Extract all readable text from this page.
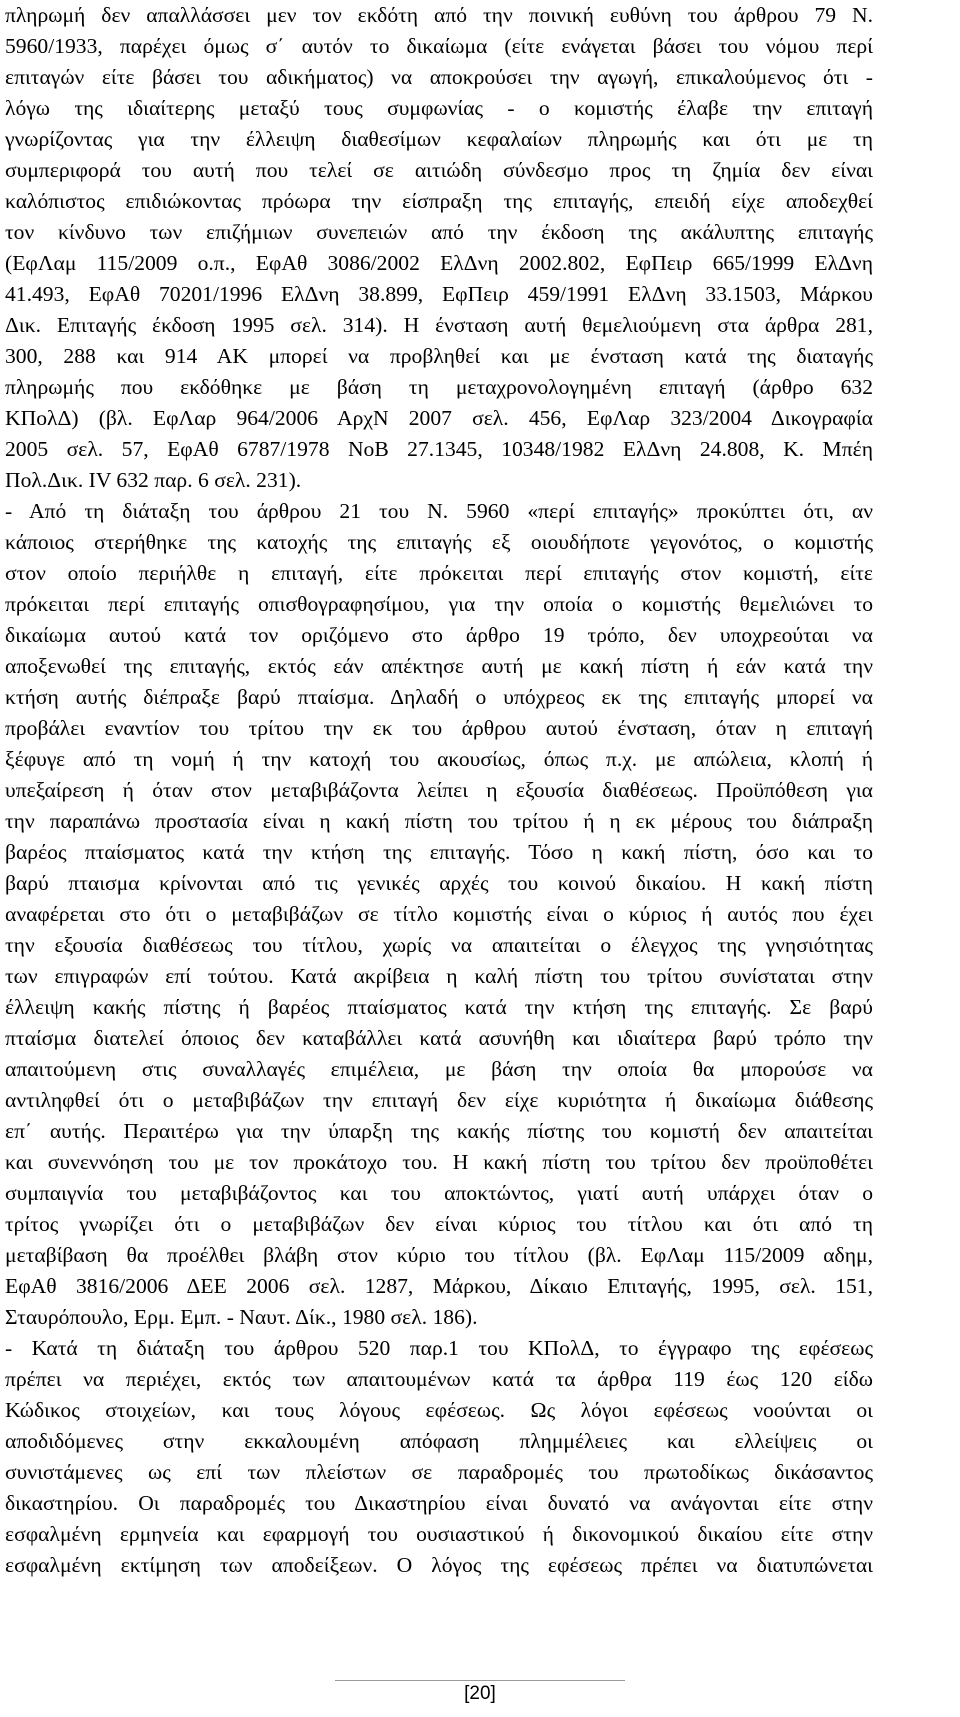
πληρωμή δεν απαλλάσσει μεν τον εκδότη από την ποινική ευθύνη του άρθρου 79 Ν.
5960/1933, παρέχει όμως σ΄ αυτόν το δικαίωμα (είτε ενάγεται βάσει του νόμου περί
επιταγών είτε βάσει του αδικήματος) να αποκρούσει την αγωγή, επικαλούμενος ότι -
λόγω της ιδιαίτερης μεταξύ τους συμφωνίας - ο κομιστής έλαβε την επιταγή
γνωρίζοντας για την έλλειψη διαθεσίμων κεφαλαίων πληρωμής και ότι με τη
συμπεριφορά του αυτή που τελεί σε αιτιώδη σύνδεσμο προς τη ζημία δεν είναι
καλόπιστος επιδιώκοντας πρόωρα την είσπραξη της επιταγής, επειδή είχε αποδεχθεί
τον κίνδυνο των επιζήμιων συνεπειών από την έκδοση της ακάλυπτης επιταγής
(ΕφΛαμ 115/2009 ο.π., ΕφΑθ 3086/2002 ΕλΔνη 2002.802, ΕφΠειρ 665/1999 ΕλΔνη
41.493, ΕφΑθ 70201/1996 ΕλΔνη 38.899, ΕφΠειρ 459/1991 ΕλΔνη 33.1503, Μάρκου
Δικ. Επιταγής έκδοση 1995 σελ. 314). Η ένσταση αυτή θεμελιούμενη στα άρθρα 281,
300, 288 και 914 ΑΚ μπορεί να προβληθεί και με ένσταση κατά της διαταγής
πληρωμής που εκδόθηκε με βάση τη μεταχρονολογημένη επιταγή (άρθρο 632
ΚΠολΔ) (βλ. ΕφΛαρ 964/2006 ΑρχΝ 2007 σελ. 456, ΕφΛαρ 323/2004 Δικογραφία
2005 σελ. 57, ΕφΑθ 6787/1978 ΝοΒ 27.1345, 10348/1982 ΕλΔνη 24.808, Κ. Μπέη
Πολ.Δικ. IV 632 παρ. 6 σελ. 231).
- Από τη διάταξη του άρθρου 21 του Ν. 5960 «περί επιταγής» προκύπτει ότι, αν
κάποιος στερήθηκε της κατοχής της επιταγής εξ οιουδήποτε γεγονότος, ο κομιστής
στον οποίο περιήλθε η επιταγή, είτε πρόκειται περί επιταγής στον κομιστή, είτε
πρόκειται περί επιταγής οπισθογραφησίμου, για την οποία ο κομιστής θεμελιώνει το
δικαίωμα αυτού κατά τον οριζόμενο στο άρθρο 19 τρόπο, δεν υποχρεούται να
αποξενωθεί της επιταγής, εκτός εάν απέκτησε αυτή με κακή πίστη ή εάν κατά την
κτήση αυτής διέπραξε βαρύ πταίσμα. Δηλαδή ο υπόχρεος εκ της επιταγής μπορεί να
προβάλει εναντίον του τρίτου την εκ του άρθρου αυτού ένσταση, όταν η επιταγή
ξέφυγε από τη νομή ή την κατοχή του ακουσίως, όπως π.χ. με απώλεια, κλοπή ή
υπεξαίρεση ή όταν στον μεταβιβάζοντα λείπει η εξουσία διαθέσεως. Προϋπόθεση για
την παραπάνω προστασία είναι η κακή πίστη του τρίτου ή η εκ μέρους του διάπραξη
βαρέος πταίσματος κατά την κτήση της επιταγής. Τόσο η κακή πίστη, όσο και το
βαρύ πταισμα κρίνονται από τις γενικές αρχές του κοινού δικαίου. Η κακή πίστη
αναφέρεται στο ότι ο μεταβιβάζων σε τίτλο κομιστής είναι ο κύριος ή αυτός που έχει
την εξουσία διαθέσεως του τίτλου, χωρίς να απαιτείται ο έλεγχος της γνησιότητας
των επιγραφών επί τούτου. Κατά ακρίβεια η καλή πίστη του τρίτου συνίσταται στην
έλλειψη κακής πίστης ή βαρέος πταίσματος κατά την κτήση της επιταγής. Σε βαρύ
πταίσμα διατελεί όποιος δεν καταβάλλει κατά ασυνήθη και ιδιαίτερα βαρύ τρόπο την
απαιτούμενη στις συναλλαγές επιμέλεια, με βάση την οποία θα μπορούσε να
αντιληφθεί ότι ο μεταβιβάζων την επιταγή δεν είχε κυριότητα ή δικαίωμα διάθεσης
επ΄ αυτής. Περαιτέρω για την ύπαρξη της κακής πίστης του κομιστή δεν απαιτείται
και συνεννόηση του με τον προκάτοχο του. Η κακή πίστη του τρίτου δεν προϋποθέτει
συμπαιγνία του μεταβιβάζοντος και του αποκτώντος, γιατί αυτή υπάρχει όταν ο
τρίτος γνωρίζει ότι ο μεταβιβάζων δεν είναι κύριος του τίτλου και ότι από τη
μεταβίβαση θα προέλθει βλάβη στον κύριο του τίτλου (βλ. ΕφΛαμ 115/2009 αδημ,
ΕφΑθ 3816/2006 ΔΕΕ 2006 σελ. 1287, Μάρκου, Δίκαιο Επιταγής, 1995, σελ. 151,
Σταυρόπουλο, Ερμ. Εμπ. - Ναυτ. Δίκ., 1980 σελ. 186).
- Κατά τη διάταξη του άρθρου 520 παρ.1 του ΚΠολΔ, το έγγραφο της εφέσεως
πρέπει να περιέχει, εκτός των απαιτουμένων κατά τα άρθρα 119 έως 120 είδω
Κώδικος στοιχείων, και τους λόγους εφέσεως. Ως λόγοι εφέσεως νοούνται οι
αποδιδόμενες στην εκκαλουμένη απόφαση πλημμέλειες και ελλείψεις οι
συνιστάμενες ως επί των πλείστων σε παραδρομές του πρωτοδίκως δικάσαντος
δικαστηρίου. Οι παραδρομές του Δικαστηρίου είναι δυνατό να ανάγονται είτε στην
εσφαλμένη ερμηνεία και εφαρμογή του ουσιαστικού ή δικονομικού δικαίου είτε στην
εσφαλμένη εκτίμηση των αποδείξεων. Ο λόγος της εφέσεως πρέπει να διατυπώνεται
[20]
